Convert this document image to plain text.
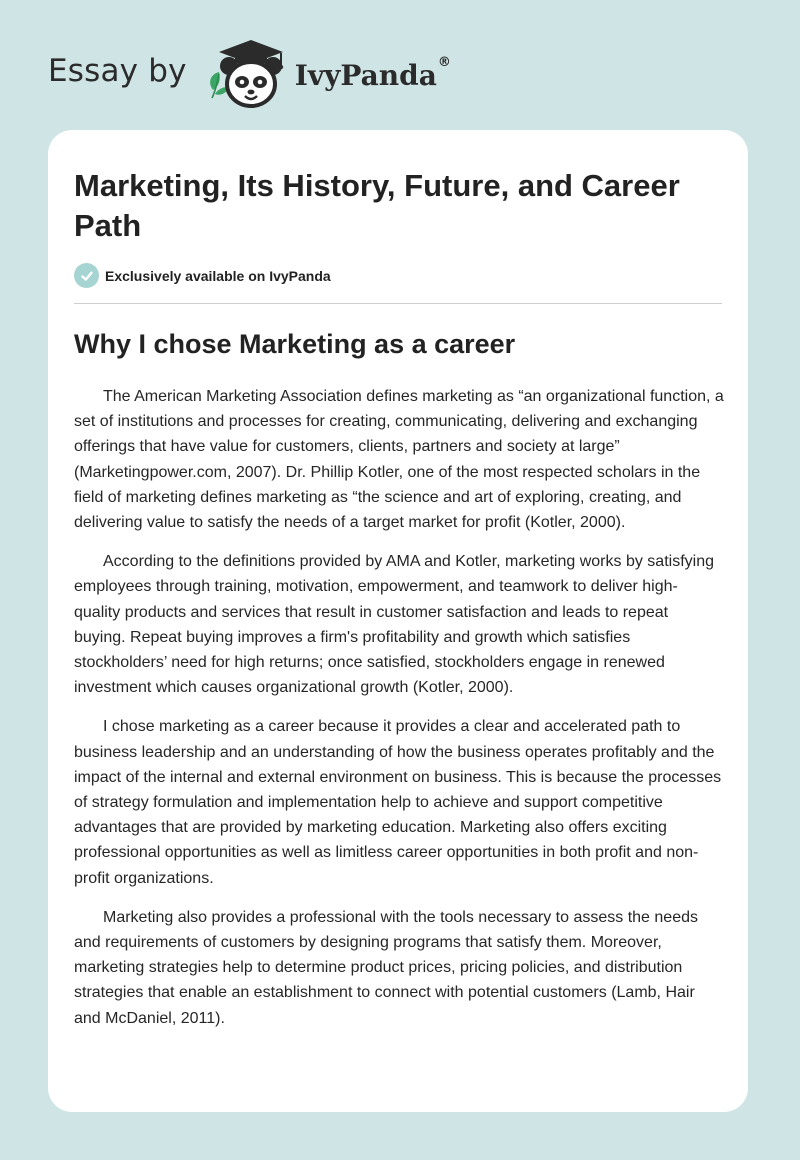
Essay by	IvyPanda®
Marketing, Its History, Future, and Career Path
Exclusively available on IvyPanda
Why I chose Marketing as a career

The American Marketing Association defines marketing as “an organizational function, a set of institutions and processes for creating, communicating, delivering and exchanging offerings that have value for customers, clients, partners and society at large” (Marketingpower.com, 2007). Dr. Phillip Kotler, one of the most respected scholars in the field of marketing defines marketing as “the science and art of exploring, creating, and delivering value to satisfy the needs of a target market for profit (Kotler, 2000).

According to the definitions provided by AMA and Kotler, marketing works by satisfying employees through training, motivation, empowerment, and teamwork to deliver high-quality products and services that result in customer satisfaction and leads to repeat buying. Repeat buying improves a firm's profitability and growth which satisfies stockholders’ need for high returns; once satisfied, stockholders engage in renewed investment which causes organizational growth (Kotler, 2000).

I chose marketing as a career because it provides a clear and accelerated path to business leadership and an understanding of how the business operates profitably and the impact of the internal and external environment on business. This is because the processes of strategy formulation and implementation help to achieve and support competitive advantages that are provided by marketing education. Marketing also offers exciting professional opportunities as well as limitless career opportunities in both profit and non-profit organizations.

Marketing also provides a professional with the tools necessary to assess the needs and requirements of customers by designing programs that satisfy them. Moreover, marketing strategies help to determine product prices, pricing policies, and distribution strategies that enable an establishment to connect with potential customers (Lamb, Hair and McDaniel, 2011).
